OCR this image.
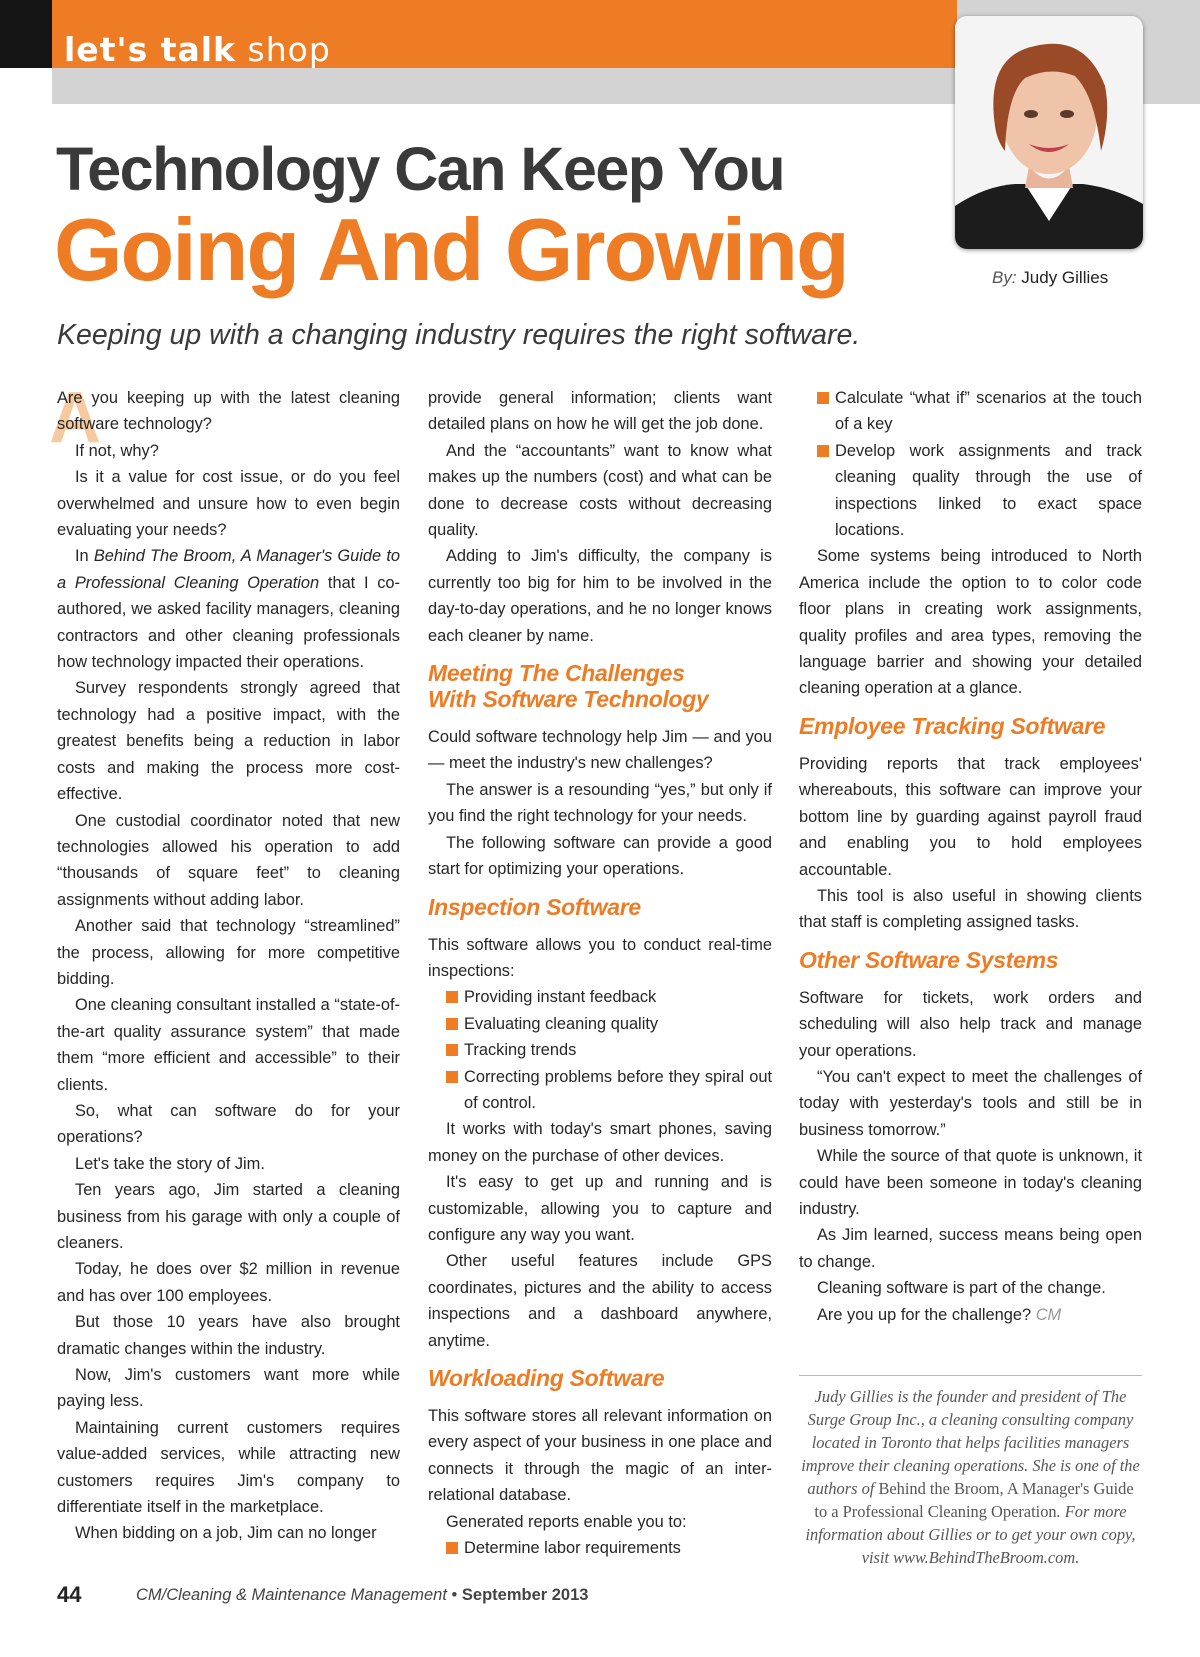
let's talk shop
By: Judy Gillies
Technology Can Keep You
Going And Growing
Keeping up with a changing industry requires the right software.

A
Are you keeping up with the latest cleaning software technology?

If not, why?

Is it a value for cost issue, or do you feel overwhelmed and unsure how to even begin evaluating your needs?

In Behind The Broom, A Manager's Guide to a Professional Cleaning Operation that I co-authored, we asked facility managers, cleaning contractors and other cleaning professionals how technology impacted their operations.

Survey respondents strongly agreed that technology had a positive impact, with the greatest benefits being a reduction in labor costs and making the process more cost-effective.

One custodial coordinator noted that new technologies allowed his operation to add “thousands of square feet” to cleaning assignments without adding labor.

Another said that technology “streamlined” the process, allowing for more competitive bidding.

One cleaning consultant installed a “state-of-the-art quality assurance system” that made them “more efficient and accessible” to their clients.

So, what can software do for your operations?

Let's take the story of Jim.

Ten years ago, Jim started a cleaning business from his garage with only a couple of cleaners.

Today, he does over $2 million in revenue and has over 100 employees.

But those 10 years have also brought dramatic changes within the industry.

Now, Jim's customers want more while paying less.

Maintaining current customers requires value-added services, while attracting new customers requires Jim's company to differentiate itself in the marketplace.

When bidding on a job, Jim can no longer

provide general information; clients want detailed plans on how he will get the job done.

And the “accountants” want to know what makes up the numbers (cost) and what can be done to decrease costs without decreasing quality.

Adding to Jim's difficulty, the company is currently too big for him to be involved in the day-to-day operations, and he no longer knows each cleaner by name.

Meeting The Challenges
With Software Technology

Could software technology help Jim — and you — meet the industry's new challenges?

The answer is a resounding “yes,” but only if you find the right technology for your needs.

The following software can provide a good start for optimizing your operations.

Inspection Software

This software allows you to conduct real-time inspections:

Providing instant feedback
Evaluating cleaning quality
Tracking trends
Correcting problems before they spiral out of control.

It works with today's smart phones, saving money on the purchase of other devices.

It's easy to get up and running and is customizable, allowing you to capture and configure any way you want.

Other useful features include GPS coordinates, pictures and the ability to access inspections and a dashboard anywhere, anytime.

Workloading Software

This software stores all relevant information on every aspect of your business in one place and connects it through the magic of an inter-relational database.

Generated reports enable you to:

Determine labor requirements
Calculate “what if” scenarios at the touch of a key
Develop work assignments and track cleaning quality through the use of inspections linked to exact space locations.

Some systems being introduced to North America include the option to to color code floor plans in creating work assignments, quality profiles and area types, removing the language barrier and showing your detailed cleaning operation at a glance.

Employee Tracking Software

Providing reports that track employees' whereabouts, this software can improve your bottom line by guarding against payroll fraud and enabling you to hold employees accountable.

This tool is also useful in showing clients that staff is completing assigned tasks.

Other Software Systems

Software for tickets, work orders and scheduling will also help track and manage your operations.

“You can't expect to meet the challenges of today with yesterday's tools and still be in business tomorrow.”

While the source of that quote is unknown, it could have been someone in today's cleaning industry.

As Jim learned, success means being open to change.

Cleaning software is part of the change.

Are you up for the challenge? CM

Judy Gillies is the founder and president of The Surge Group Inc., a cleaning consulting company located in Toronto that helps facilities managers improve their cleaning operations. She is one of the authors of Behind the Broom, A Manager's Guide to a Professional Cleaning Operation. For more information about Gillies or to get your own copy, visit www.BehindTheBroom.com.
44	CM/Cleaning & Maintenance Management • September 2013
